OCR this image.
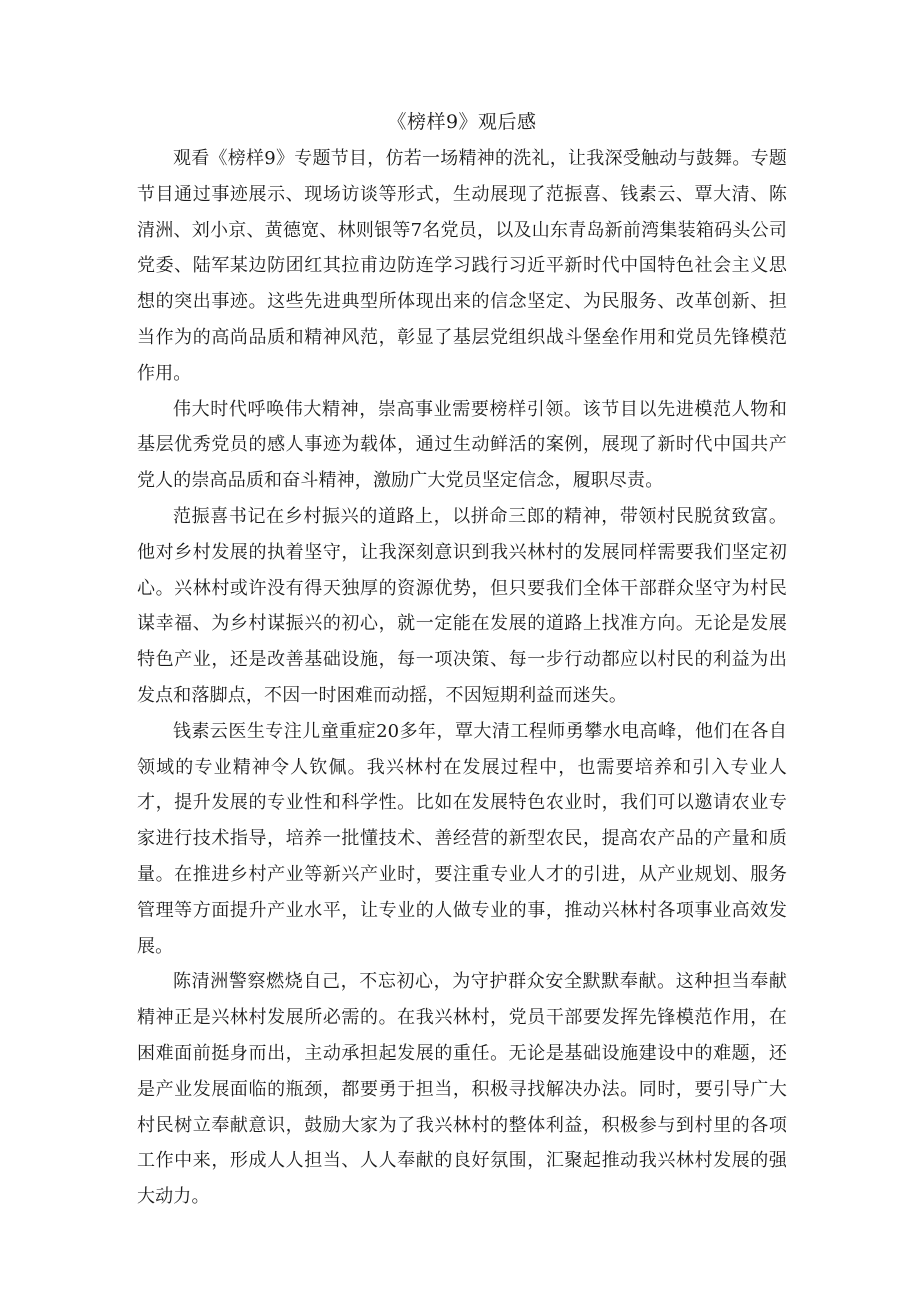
《榜样9》观后感

观看《榜样9》专题节目，仿若一场精神的洗礼，让我深受触动与鼓舞。专题节目通过事迹展示、现场访谈等形式，生动展现了范振喜、钱素云、覃大清、陈清洲、刘小京、黄德宽、林则银等7名党员，以及山东青岛新前湾集装箱码头公司党委、陆军某边防团红其拉甫边防连学习践行习近平新时代中国特色社会主义思想的突出事迹。这些先进典型所体现出来的信念坚定、为民服务、改革创新、担当作为的高尚品质和精神风范，彰显了基层党组织战斗堡垒作用和党员先锋模范作用。

伟大时代呼唤伟大精神，崇高事业需要榜样引领。该节目以先进模范人物和基层优秀党员的感人事迹为载体，通过生动鲜活的案例，展现了新时代中国共产党人的崇高品质和奋斗精神，激励广大党员坚定信念，履职尽责。

范振喜书记在乡村振兴的道路上，以拼命三郎的精神，带领村民脱贫致富。他对乡村发展的执着坚守，让我深刻意识到我兴林村的发展同样需要我们坚定初心。兴林村或许没有得天独厚的资源优势，但只要我们全体干部群众坚守为村民谋幸福、为乡村谋振兴的初心，就一定能在发展的道路上找准方向。无论是发展特色产业，还是改善基础设施，每一项决策、每一步行动都应以村民的利益为出发点和落脚点，不因一时困难而动摇，不因短期利益而迷失。

钱素云医生专注儿童重症20多年，覃大清工程师勇攀水电高峰，他们在各自领域的专业精神令人钦佩。我兴林村在发展过程中，也需要培养和引入专业人才，提升发展的专业性和科学性。比如在发展特色农业时，我们可以邀请农业专家进行技术指导，培养一批懂技术、善经营的新型农民，提高农产品的产量和质量。在推进乡村产业等新兴产业时，要注重专业人才的引进，从产业规划、服务管理等方面提升产业水平，让专业的人做专业的事，推动兴林村各项事业高效发展。

陈清洲警察燃烧自己，不忘初心，为守护群众安全默默奉献。这种担当奉献精神正是兴林村发展所必需的。在我兴林村，党员干部要发挥先锋模范作用，在困难面前挺身而出，主动承担起发展的重任。无论是基础设施建设中的难题，还是产业发展面临的瓶颈，都要勇于担当，积极寻找解决办法。同时，要引导广大村民树立奉献意识，鼓励大家为了我兴林村的整体利益，积极参与到村里的各项工作中来，形成人人担当、人人奉献的良好氛围，汇聚起推动我兴林村发展的强大动力。
